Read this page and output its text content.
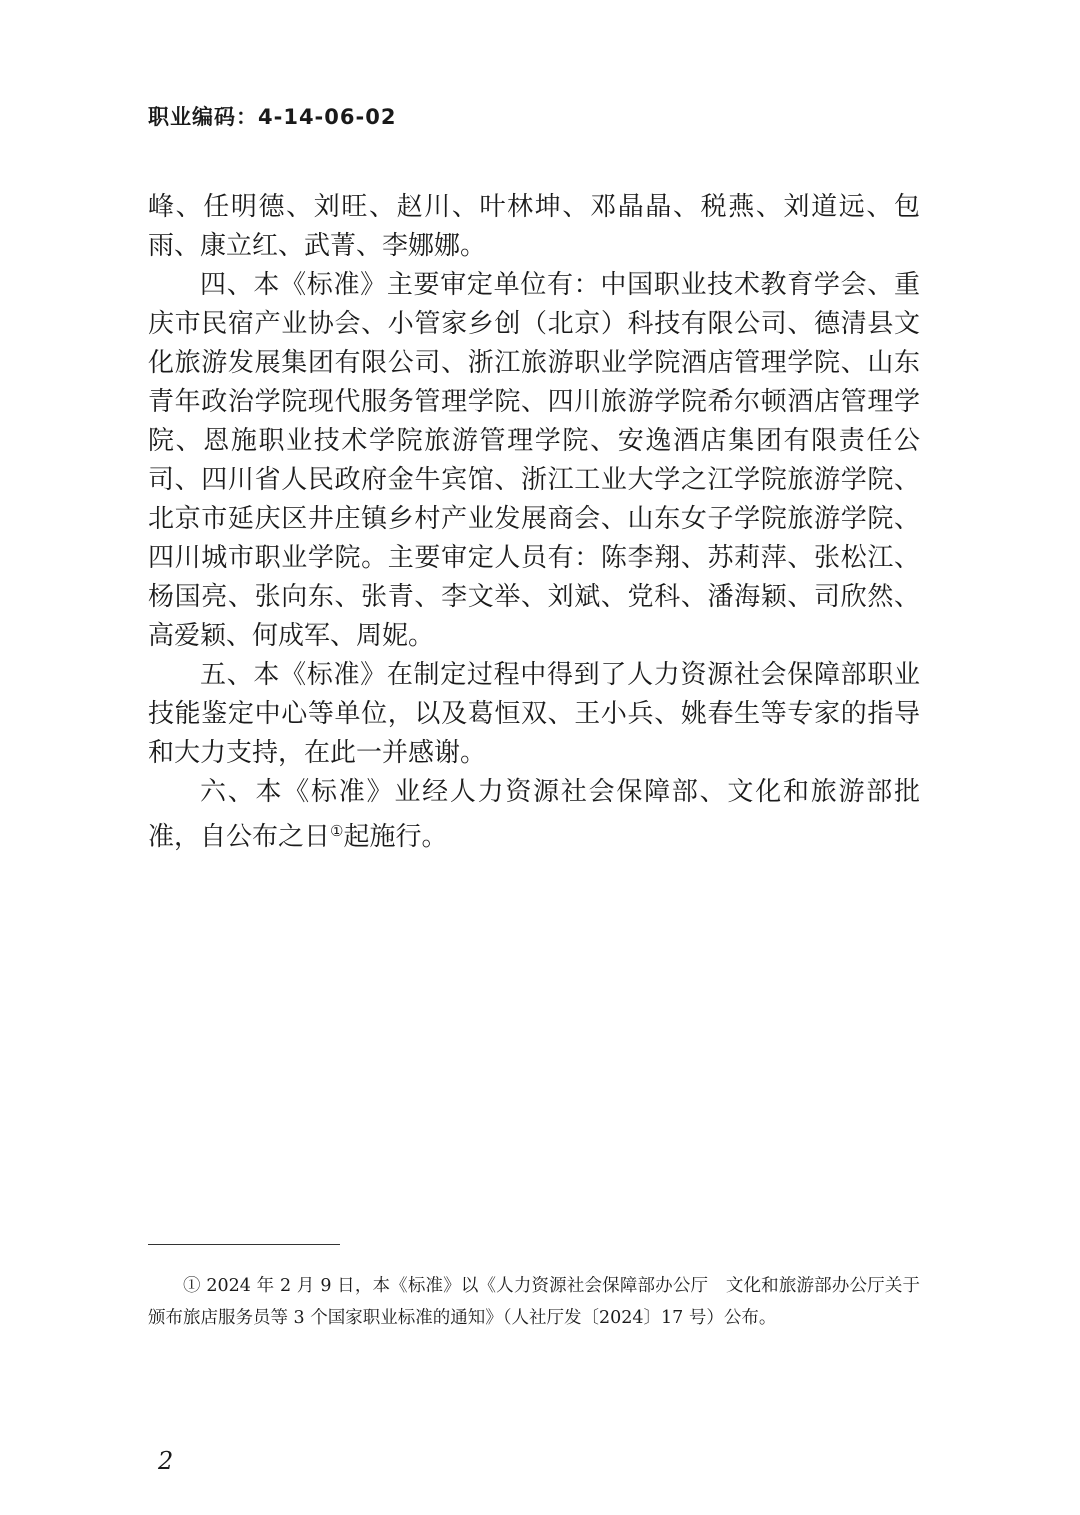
职业编码：4-14-06-02

峰、任明德、刘旺、赵川、叶林坤、邓晶晶、税燕、刘道远、包雨、康立红、武菁、李娜娜。

四、本《标准》主要审定单位有：中国职业技术教育学会、重庆市民宿产业协会、小管家乡创（北京）科技有限公司、德清县文化旅游发展集团有限公司、浙江旅游职业学院酒店管理学院、山东青年政治学院现代服务管理学院、四川旅游学院希尔顿酒店管理学院、恩施职业技术学院旅游管理学院、安逸酒店集团有限责任公司、四川省人民政府金牛宾馆、浙江工业大学之江学院旅游学院、北京市延庆区井庄镇乡村产业发展商会、山东女子学院旅游学院、四川城市职业学院。主要审定人员有：陈李翔、苏莉萍、张松江、杨国亮、张向东、张青、李文举、刘斌、党科、潘海颖、司欣然、高爱颖、何成军、周妮。

五、本《标准》在制定过程中得到了人力资源社会保障部职业技能鉴定中心等单位，以及葛恒双、王小兵、姚春生等专家的指导和大力支持，在此一并感谢。

六、本《标准》业经人力资源社会保障部、文化和旅游部批准，自公布之日①起施行。

① 2024 年 2 月 9 日，本《标准》以《人力资源社会保障部办公厅　文化和旅游部办公厅关于颁布旅店服务员等 3 个国家职业标准的通知》（人社厅发〔2024〕17 号）公布。

2
